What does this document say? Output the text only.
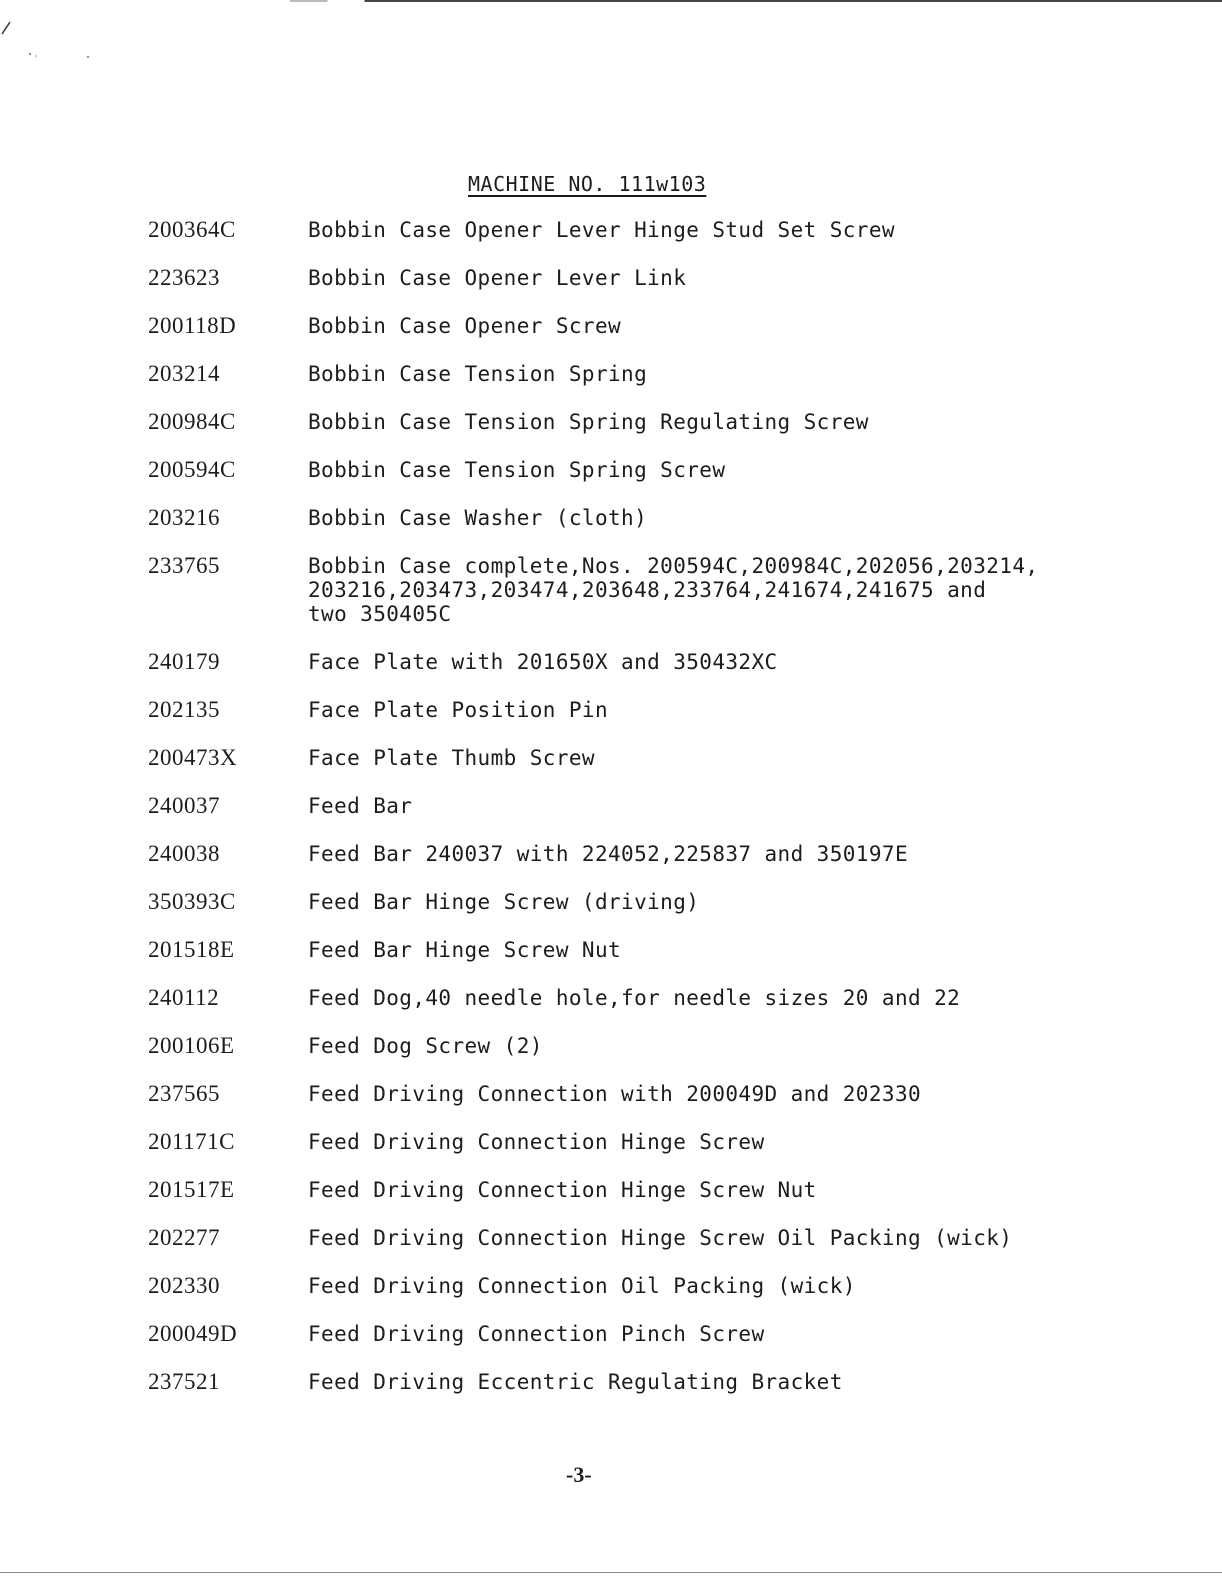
MACHINE NO. 111w103
200364C	Bobbin Case Opener Lever Hinge Stud Set Screw
223623	Bobbin Case Opener Lever Link
200118D	Bobbin Case Opener Screw
203214	Bobbin Case Tension Spring
200984C	Bobbin Case Tension Spring Regulating Screw
200594C	Bobbin Case Tension Spring Screw
203216	Bobbin Case Washer (cloth)
233765	Bobbin Case complete,Nos. 200594C,200984C,202056,203214,
203216,203473,203474,203648,233764,241674,241675 and
two 350405C
240179	Face Plate with 201650X and 350432XC
202135	Face Plate Position Pin
200473X	Face Plate Thumb Screw
240037	Feed Bar
240038	Feed Bar 240037 with 224052,225837 and 350197E
350393C	Feed Bar Hinge Screw (driving)
201518E	Feed Bar Hinge Screw Nut
240112	Feed Dog,40 needle hole,for needle sizes 20 and 22
200106E	Feed Dog Screw (2)
237565	Feed Driving Connection with 200049D and 202330
201171C	Feed Driving Connection Hinge Screw
201517E	Feed Driving Connection Hinge Screw Nut
202277	Feed Driving Connection Hinge Screw Oil Packing (wick)
202330	Feed Driving Connection Oil Packing (wick)
200049D	Feed Driving Connection Pinch Screw
237521	Feed Driving Eccentric Regulating Bracket
-3-
